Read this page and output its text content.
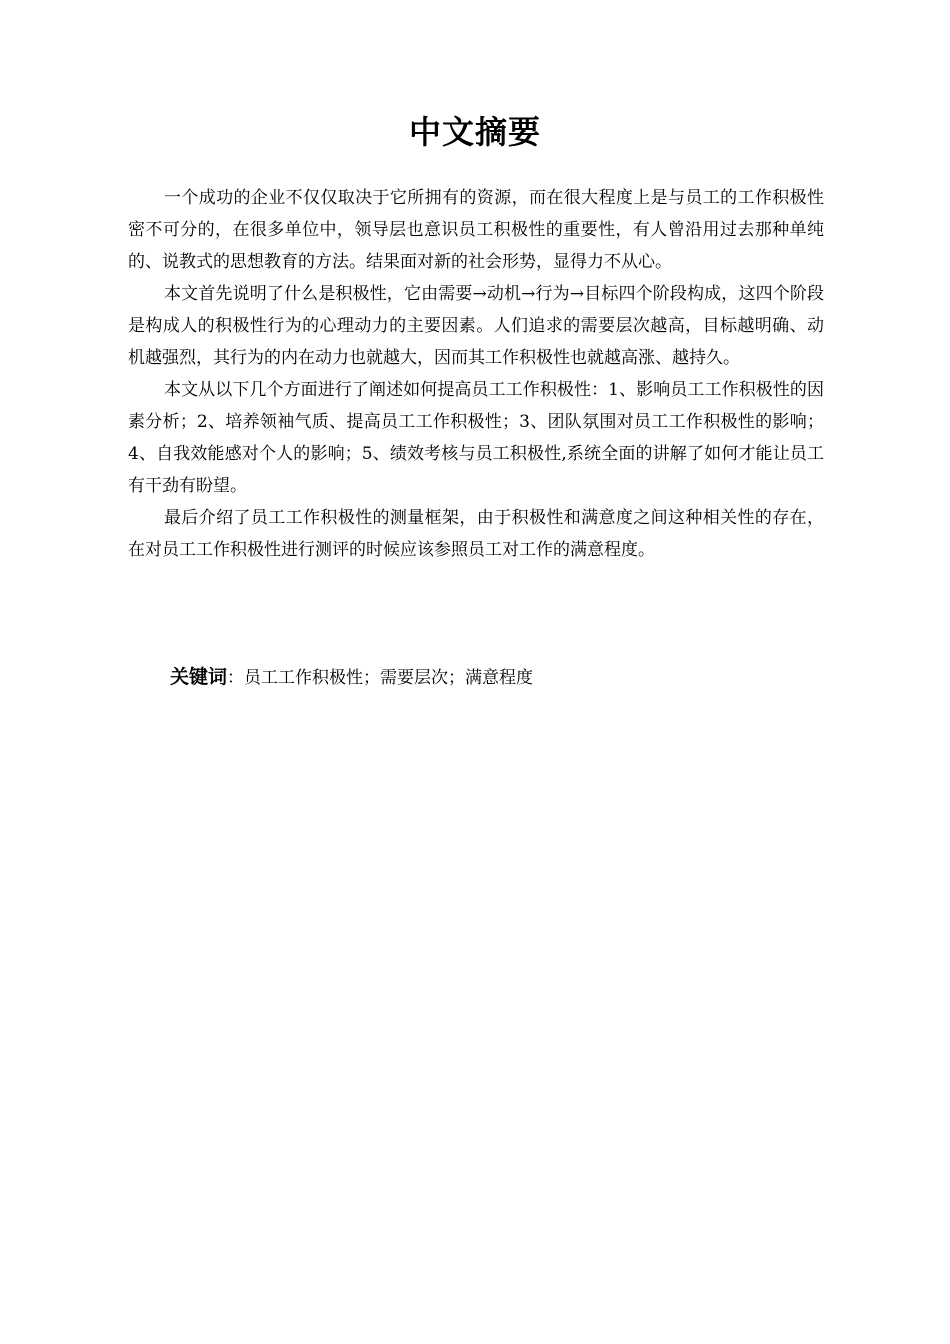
中文摘要

一个成功的企业不仅仅取决于它所拥有的资源，而在很大程度上是与员工的工作积极性密不可分的，在很多单位中，领导层也意识员工积极性的重要性，有人曾沿用过去那种单纯的、说教式的思想教育的方法。结果面对新的社会形势，显得力不从心。

本文首先说明了什么是积极性，它由需要→动机→行为→目标四个阶段构成，这四个阶段是构成人的积极性行为的心理动力的主要因素。人们追求的需要层次越高，目标越明确、动机越强烈，其行为的内在动力也就越大，因而其工作积极性也就越高涨、越持久。

本文从以下几个方面进行了阐述如何提高员工工作积极性：1、影响员工工作积极性的因素分析；2、培养领袖气质、提高员工工作积极性；3、团队氛围对员工工作积极性的影响；4、自我效能感对个人的影响；5、绩效考核与员工积极性,系统全面的讲解了如何才能让员工有干劲有盼望。

最后介绍了员工工作积极性的测量框架，由于积极性和满意度之间这种相关性的存在，在对员工工作积极性进行测评的时候应该参照员工对工作的满意程度。

关键词：员工工作积极性；需要层次；满意程度
